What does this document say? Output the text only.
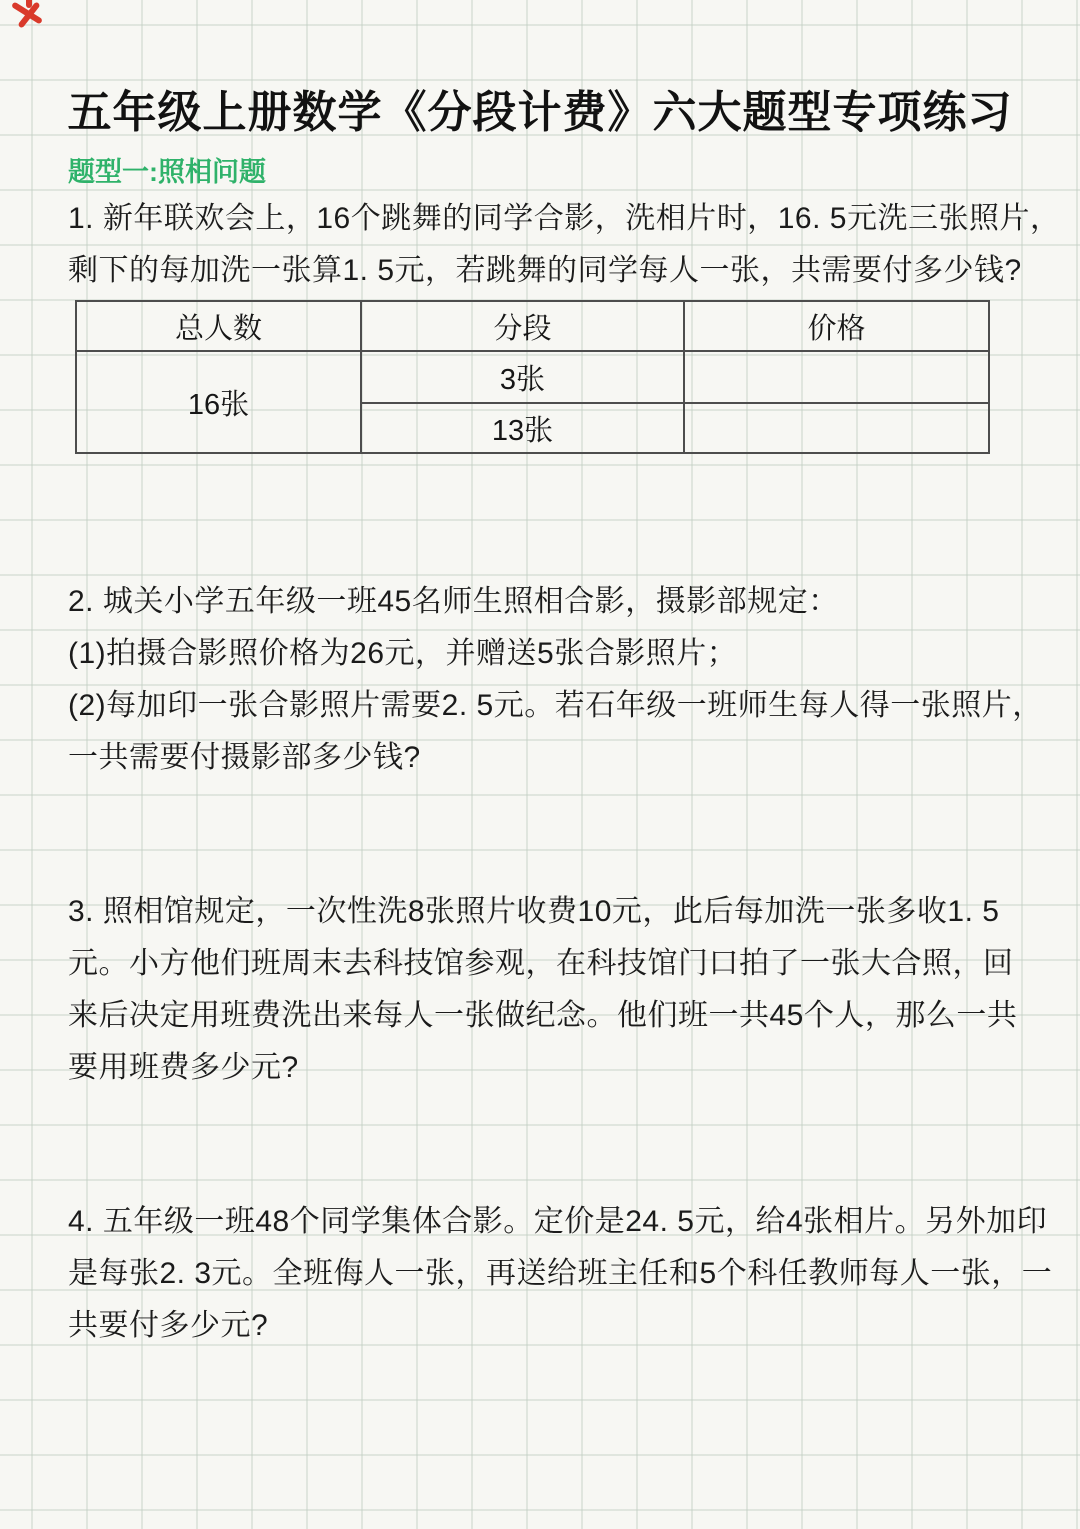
五年级上册数学《分段计费》六大题型专项练习
题型一:照相问题
1. 新年联欢会上，16个跳舞的同学合影，洗相片时，16. 5元洗三张照片，
剩下的每加洗一张算1. 5元，若跳舞的同学每人一张，共需要付多少钱?
总人数	分段	价格
16张	3张	
	13张	
2. 城关小学五年级一班45名师生照相合影，摄影部规定：
(1)拍摄合影照价格为26元，并赠送5张合影照片；
(2)每加印一张合影照片需要2. 5元。若石年级一班师生每人得一张照片，
一共需要付摄影部多少钱?
3. 照相馆规定，一次性洗8张照片收费10元，此后每加洗一张多收1. 5
元。小方他们班周末去科技馆参观，在科技馆门口拍了一张大合照，回
来后决定用班费洗出来每人一张做纪念。他们班一共45个人，那么一共
要用班费多少元?
4. 五年级一班48个同学集体合影。定价是24. 5元，给4张相片。另外加印
是每张2. 3元。全班侮人一张，再送给班主任和5个科任教师每人一张，一
共要付多少元?
